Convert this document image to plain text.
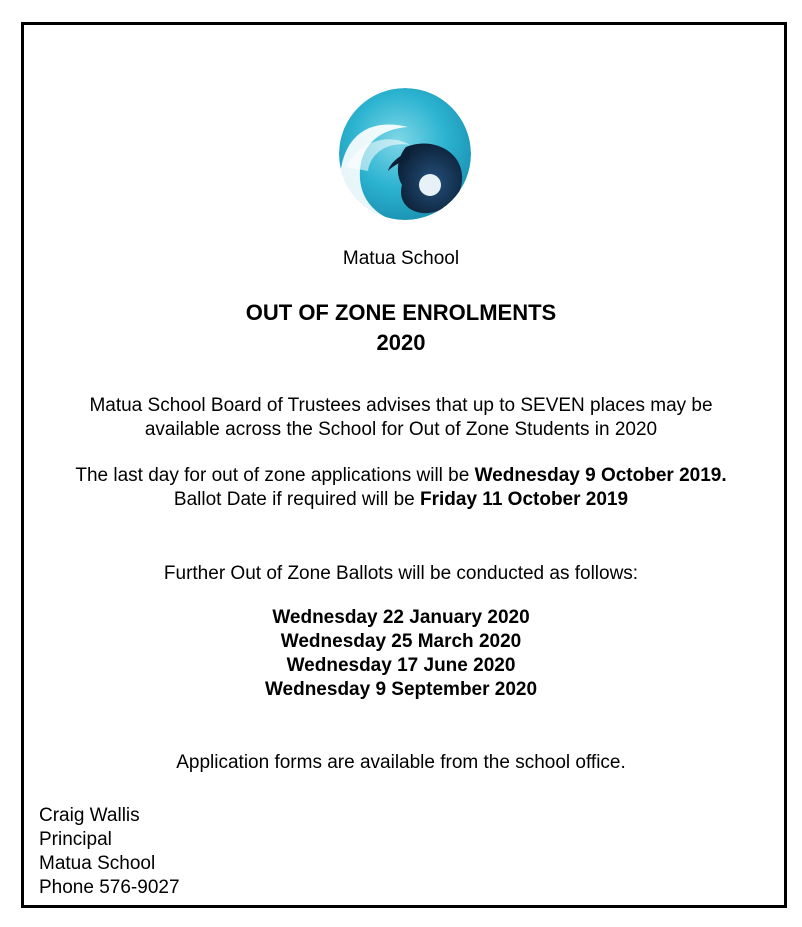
Matua School
OUT OF ZONE ENROLMENTS
2020
Matua School Board of Trustees advises that up to SEVEN places may be
available across the School for Out of Zone Students in 2020
The last day for out of zone applications will be Wednesday 9 October 2019.
Ballot Date if required will be Friday 11 October 2019
Further Out of Zone Ballots will be conducted as follows:
Wednesday 22 January 2020
Wednesday 25 March 2020
Wednesday 17 June 2020
Wednesday 9 September 2020
Application forms are available from the school office.
Craig Wallis
Principal
Matua School
Phone 576-9027
